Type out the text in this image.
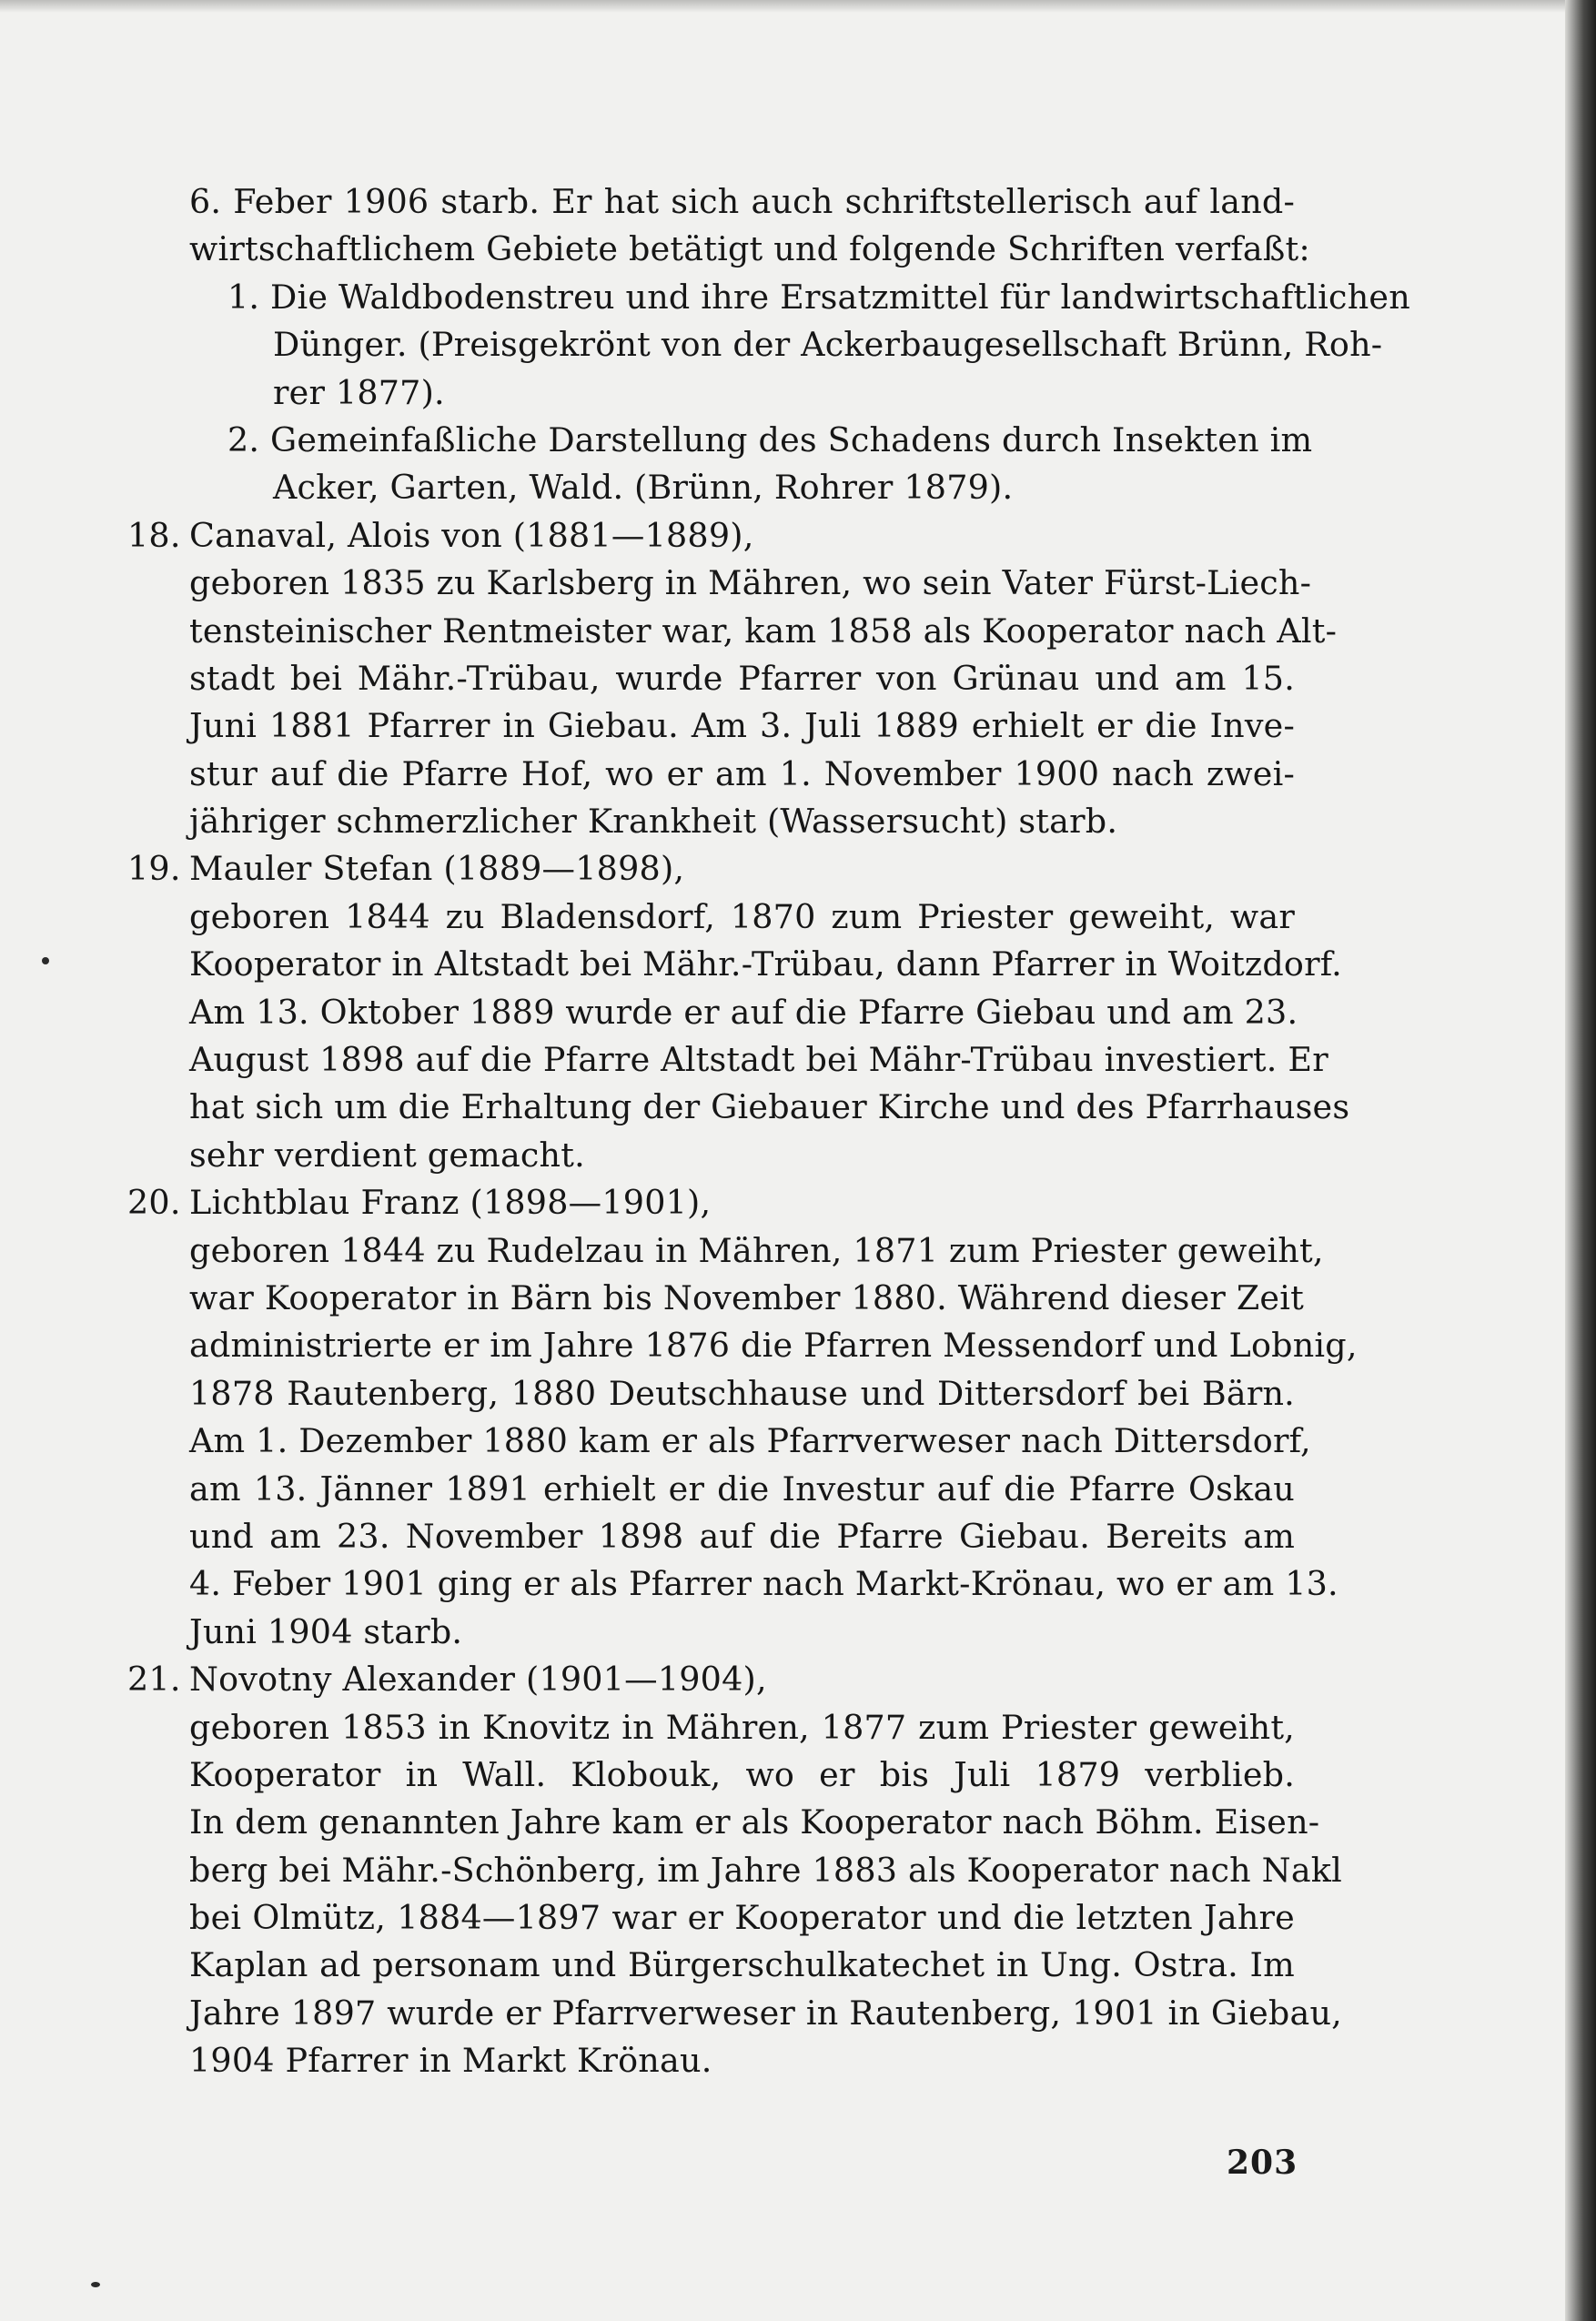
6. Feber 1906 starb. Er hat sich auch schriftstellerisch auf land-
wirtschaftlichem Gebiete betätigt und folgende Schriften verfaßt:
1. Die Waldbodenstreu und ihre Ersatzmittel für landwirtschaftlichen
Dünger. (Preisgekrönt von der Ackerbaugesellschaft Brünn, Roh-
rer 1877).
2. Gemeinfaßliche Darstellung des Schadens durch Insekten im
Acker, Garten, Wald. (Brünn, Rohrer 1879).
18. Canaval, Alois von (1881—1889),
geboren 1835 zu Karlsberg in Mähren, wo sein Vater Fürst-Liech-
tensteinischer Rentmeister war, kam 1858 als Kooperator nach Alt-
stadt bei Mähr.-Trübau, wurde Pfarrer von Grünau und am 15.
Juni 1881 Pfarrer in Giebau. Am 3. Juli 1889 erhielt er die Inve-
stur auf die Pfarre Hof, wo er am 1. November 1900 nach zwei-
jähriger schmerzlicher Krankheit (Wassersucht) starb.
19. Mauler Stefan (1889—1898),
geboren 1844 zu Bladensdorf, 1870 zum Priester geweiht, war
Kooperator in Altstadt bei Mähr.-Trübau, dann Pfarrer in Woitzdorf.
Am 13. Oktober 1889 wurde er auf die Pfarre Giebau und am 23.
August 1898 auf die Pfarre Altstadt bei Mähr-Trübau investiert. Er
hat sich um die Erhaltung der Giebauer Kirche und des Pfarrhauses
sehr verdient gemacht.
20. Lichtblau Franz (1898—1901),
geboren 1844 zu Rudelzau in Mähren, 1871 zum Priester geweiht,
war Kooperator in Bärn bis November 1880. Während dieser Zeit
administrierte er im Jahre 1876 die Pfarren Messendorf und Lobnig,
1878 Rautenberg, 1880 Deutschhause und Dittersdorf bei Bärn.
Am 1. Dezember 1880 kam er als Pfarrverweser nach Dittersdorf,
am 13. Jänner 1891 erhielt er die Investur auf die Pfarre Oskau
und am 23. November 1898 auf die Pfarre Giebau. Bereits am
4. Feber 1901 ging er als Pfarrer nach Markt-Krönau, wo er am 13.
Juni 1904 starb.
21. Novotny Alexander (1901—1904),
geboren 1853 in Knovitz in Mähren, 1877 zum Priester geweiht,
Kooperator in Wall. Klobouk, wo er bis Juli 1879 verblieb.
In dem genannten Jahre kam er als Kooperator nach Böhm. Eisen-
berg bei Mähr.-Schönberg, im Jahre 1883 als Kooperator nach Nakl
bei Olmütz, 1884—1897 war er Kooperator und die letzten Jahre
Kaplan ad personam und Bürgerschulkatechet in Ung. Ostra. Im
Jahre 1897 wurde er Pfarrverweser in Rautenberg, 1901 in Giebau,
1904 Pfarrer in Markt Krönau.
203
